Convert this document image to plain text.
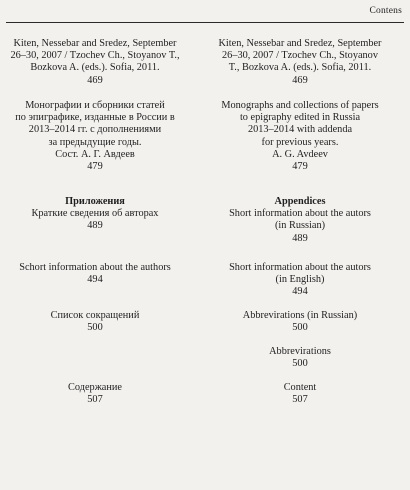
Contens
Kiten, Nessebar and Sredez, September
26–30, 2007 / Tzochev Ch., Stoyanov T.,
Bozkova A. (eds.). Sofia, 2011.
469
Монографии и сборники статей
по эпиграфике, изданные в России в
2013–2014 гг. с дополнениями
за предыдущие годы.
Сост. А. Г. Авдеев
479
Приложения
Краткие сведения об авторах
489
Schort information about the authors
494
Список сокращений
500
Содержание
507
Kiten, Nessebar and Sredez, September
26–30, 2007 / Tzochev Ch., Stoyanov
T., Bozkova A. (eds.). Sofia, 2011.
469
Monographs and collections of papers
to epigraphy edited in Russia
2013–2014 with addenda
for previous years.
A. G. Avdeev
479
Appendices
Short information about the autors
(in Russian)
489
Short information about the autors
(in English)
494
Abbrevirations (in Russian)
500
Abbrevirations
500
Content
507
